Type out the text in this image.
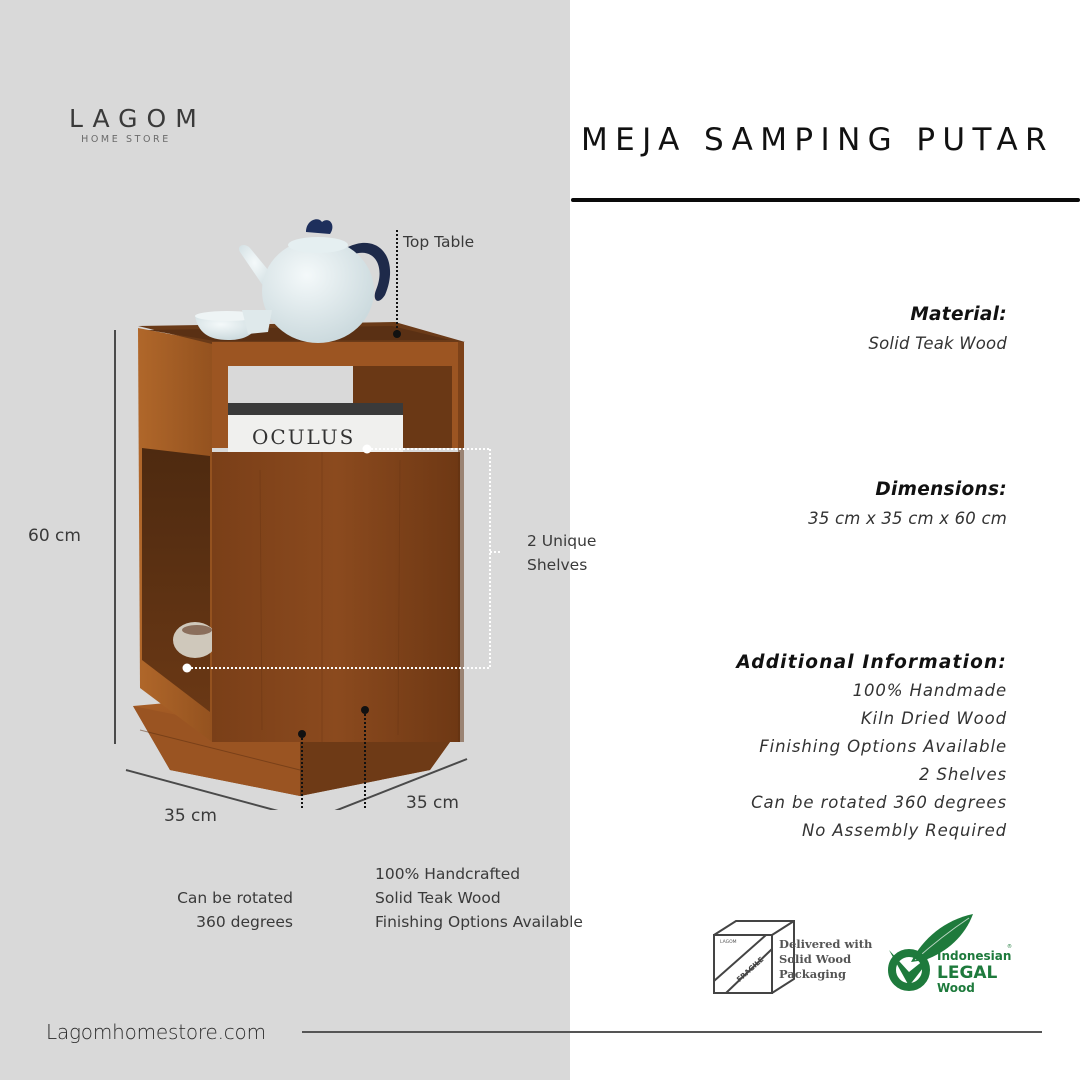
LAGOM
HOME STORE	MEJA SAMPING PUTAR
60 cm
OCULUS
Top Table
2 Unique
Shelves
35 cm
35 cm
Can be rotated
360 degrees
100% Handcrafted
Solid Teak Wood
Finishing Options Available
Material:
Solid Teak Wood
Dimensions:
35 cm x 35 cm x 60 cm
Additional Information:
100% Handmade
Kiln Dried Wood
Finishing Options Available
2 Shelves
Can be rotated 360 degrees
No Assembly Required
LAGOM
FRAGILE
Delivered with
Solid Wood
Packaging
Indonesian
®
LEGAL
Wood
Lagomhomestore.com
